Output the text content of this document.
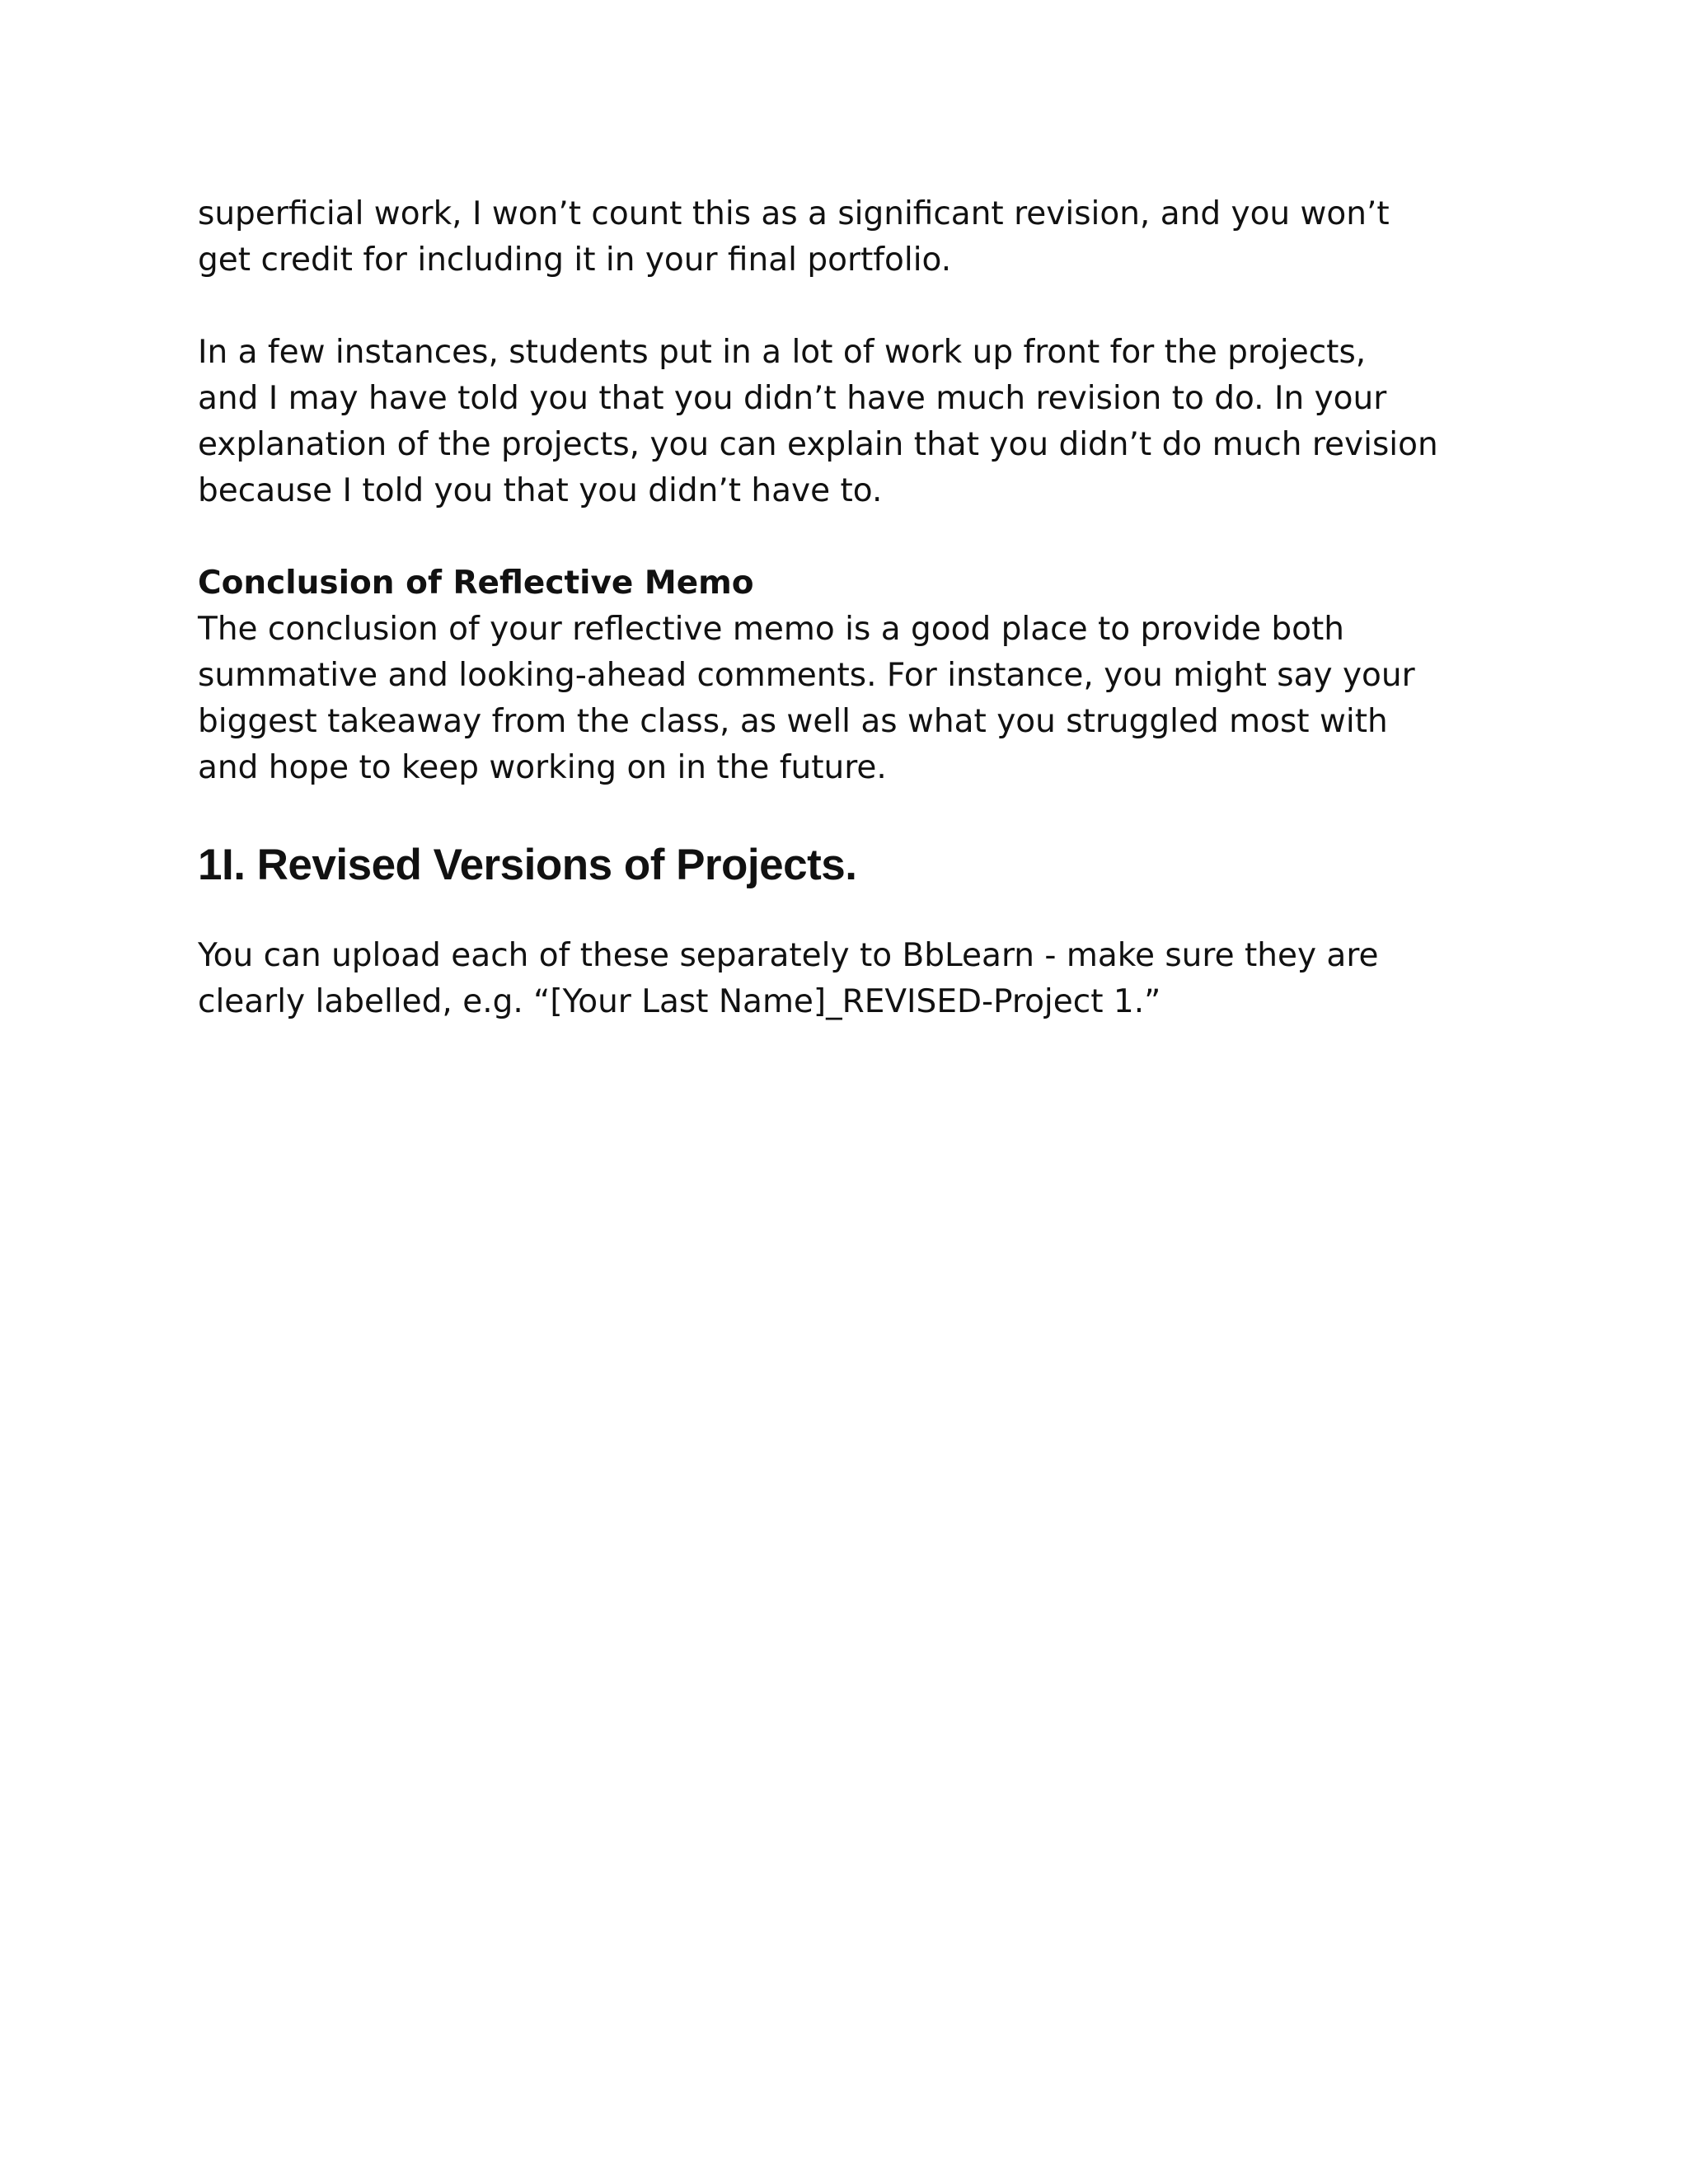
superficial work, I won’t count this as a significant revision, and you won’t
get credit for including it in your final portfolio.

In a few instances, students put in a lot of work up front for the projects,
and I may have told you that you didn’t have much revision to do. In your
explanation of the projects, you can explain that you didn’t do much revision
because I told you that you didn’t have to.

Conclusion of Reflective Memo

The conclusion of your reflective memo is a good place to provide both
summative and looking-ahead comments. For instance, you might say your
biggest takeaway from the class, as well as what you struggled most with
and hope to keep working on in the future.

1I. Revised Versions of Projects.

You can upload each of these separately to BbLearn - make sure they are
clearly labelled, e.g. “[Your Last Name]_REVISED-Project 1.”
